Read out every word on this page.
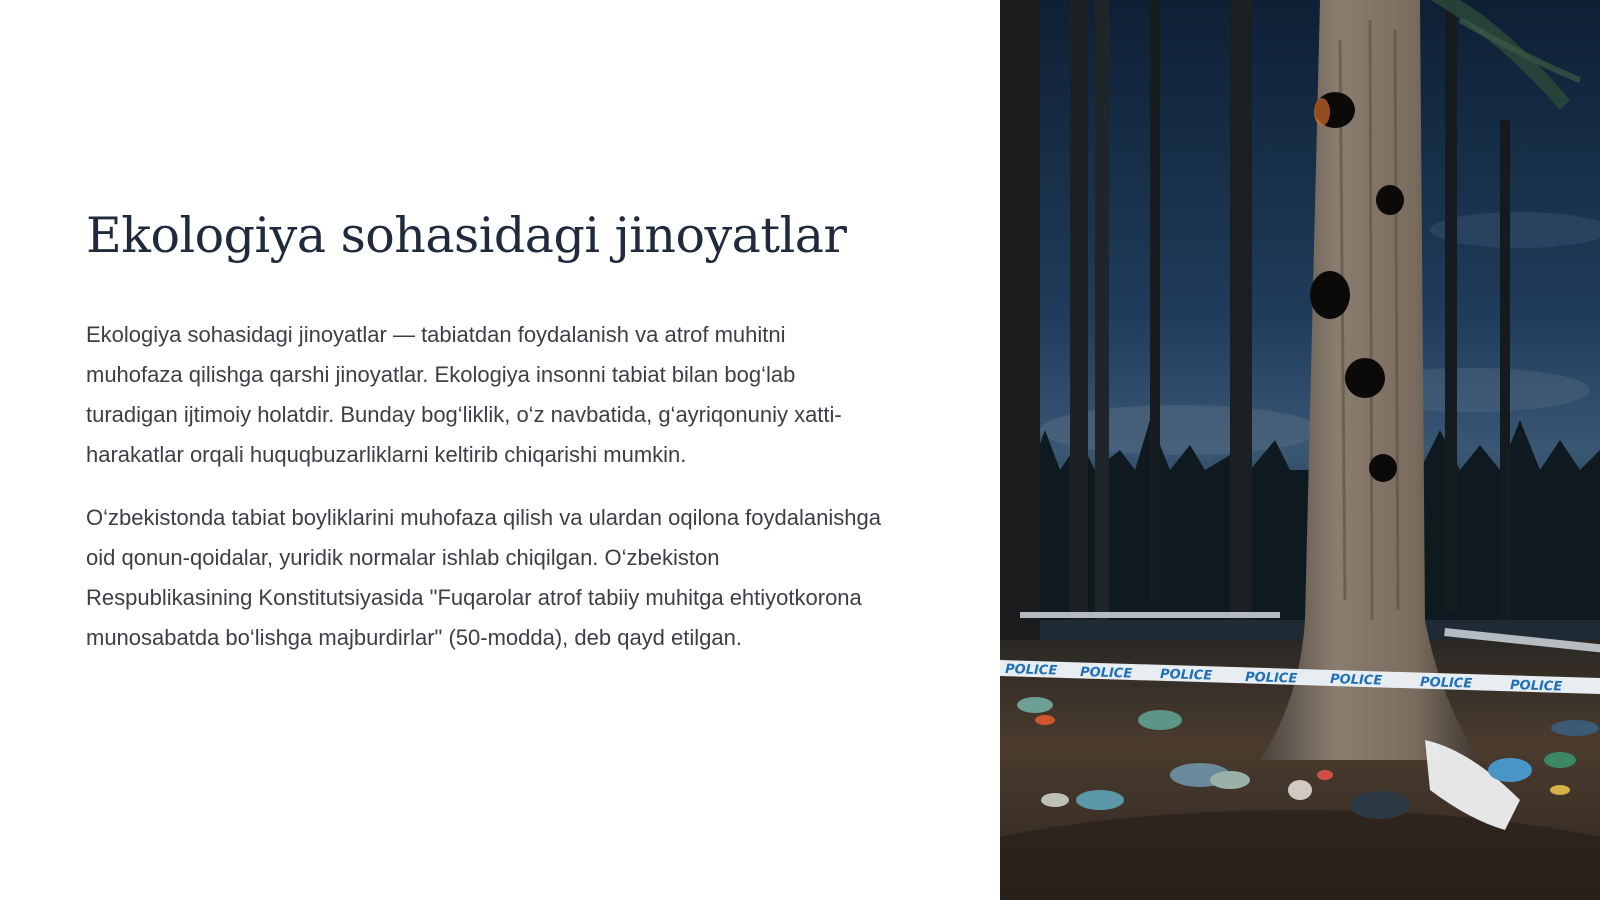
Ekologiya sohasidagi jinoyatlar

Ekologiya sohasidagi jinoyatlar — tabiatdan foydalanish va atrof muhitni muhofaza qilishga qarshi jinoyatlar. Ekologiya insonni tabiat bilan bog‘lab turadigan ijtimoiy holatdir. Bunday bog‘liklik, o‘z navbatida, g‘ayriqonuniy xatti-harakatlar orqali huquqbuzarliklarni keltirib chiqarishi mumkin.

O‘zbekistonda tabiat boyliklarini muhofaza qilish va ulardan oqilona foydalanishga oid qonun-qoidalar, yuridik normalar ishlab chiqilgan. O‘zbekiston Respublikasining Konstitutsiyasida "Fuqarolar atrof tabiiy muhitga ehtiyotkorona munosabatda bo‘lishga majburdirlar" (50-modda), deb qayd etilgan.

POLICE POLICE POLICE POLICE POLICE	POLICE	POLICE
